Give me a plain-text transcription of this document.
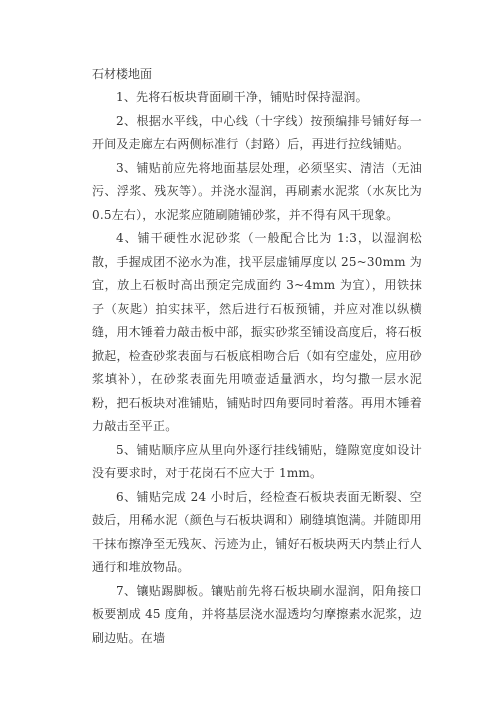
石材楼地面

1、先将石板块背面刷干净，铺贴时保持湿润。

2、根据水平线，中心线（十字线）按预编排号铺好每一开间及走廊左右两侧标准行（封路）后，再进行拉线铺贴。

3、铺贴前应先将地面基层处理，必须坚实、清洁（无油污、浮浆、残灰等）。并浇水湿润，再刷素水泥浆（水灰比为0.5左右），水泥浆应随刷随铺砂浆，并不得有风干现象。

4、铺干硬性水泥砂浆（一般配合比为 1:3，以湿润松散，手握成团不泌水为准，找平层虚铺厚度以 25~30mm 为宜，放上石板时高出预定完成面约 3~4mm 为宜），用铁抹子（灰匙）拍实抹平，然后进行石板预铺，并应对准以纵横缝，用木锤着力敲击板中部，振实砂浆至铺设高度后，将石板掀起，检查砂浆表面与石板底相吻合后（如有空虚处，应用砂浆填补），在砂浆表面先用喷壶适量洒水，均匀撒一层水泥粉，把石板块对准铺贴，铺贴时四角要同时着落。再用木锤着力敲击至平正。

5、铺贴顺序应从里向外逐行挂线铺贴，缝隙宽度如设计没有要求时，对于花岗石不应大于 1mm。

6、铺贴完成 24 小时后，经检查石板块表面无断裂、空鼓后，用稀水泥（颜色与石板块调和）刷缝填饱满。并随即用干抹布擦净至无残灰、污迹为止，铺好石板块两天内禁止行人通行和堆放物品。

7、镶贴踢脚板。镶贴前先将石板块刷水湿润，阳角接口板要割成 45 度角，并将基层浇水湿透均匀摩擦素水泥浆，边刷边贴。在墙
